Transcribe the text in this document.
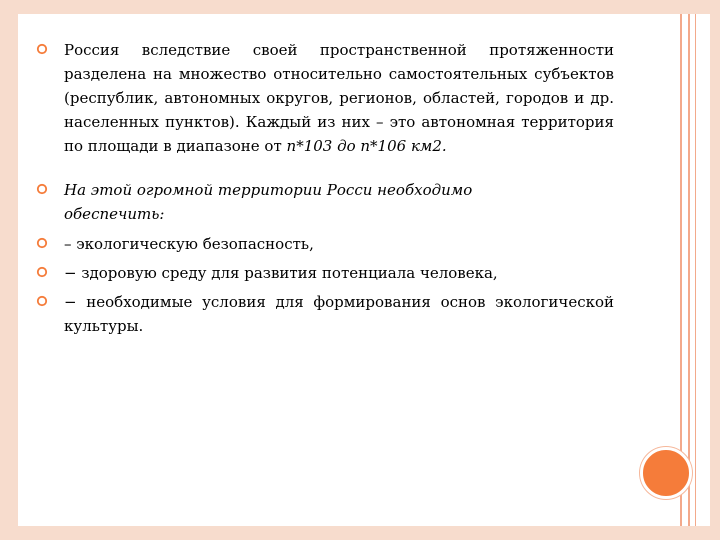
Россия вследствие своей пространственной протяженности разделена на множество относительно самостоятельных субъектов (республик, автономных округов, регионов, областей, городов и др. населенных пунктов). Каждый из них – это автономная территория по площади в диапазоне от n*103 до n*106 км2.

На этой огромной территории Росси необходимо обеспечить:

– экологическую безопасность,

− здоровую среду для развития потенциала человека,

− необходимые условия для формирования основ экологической культуры.
